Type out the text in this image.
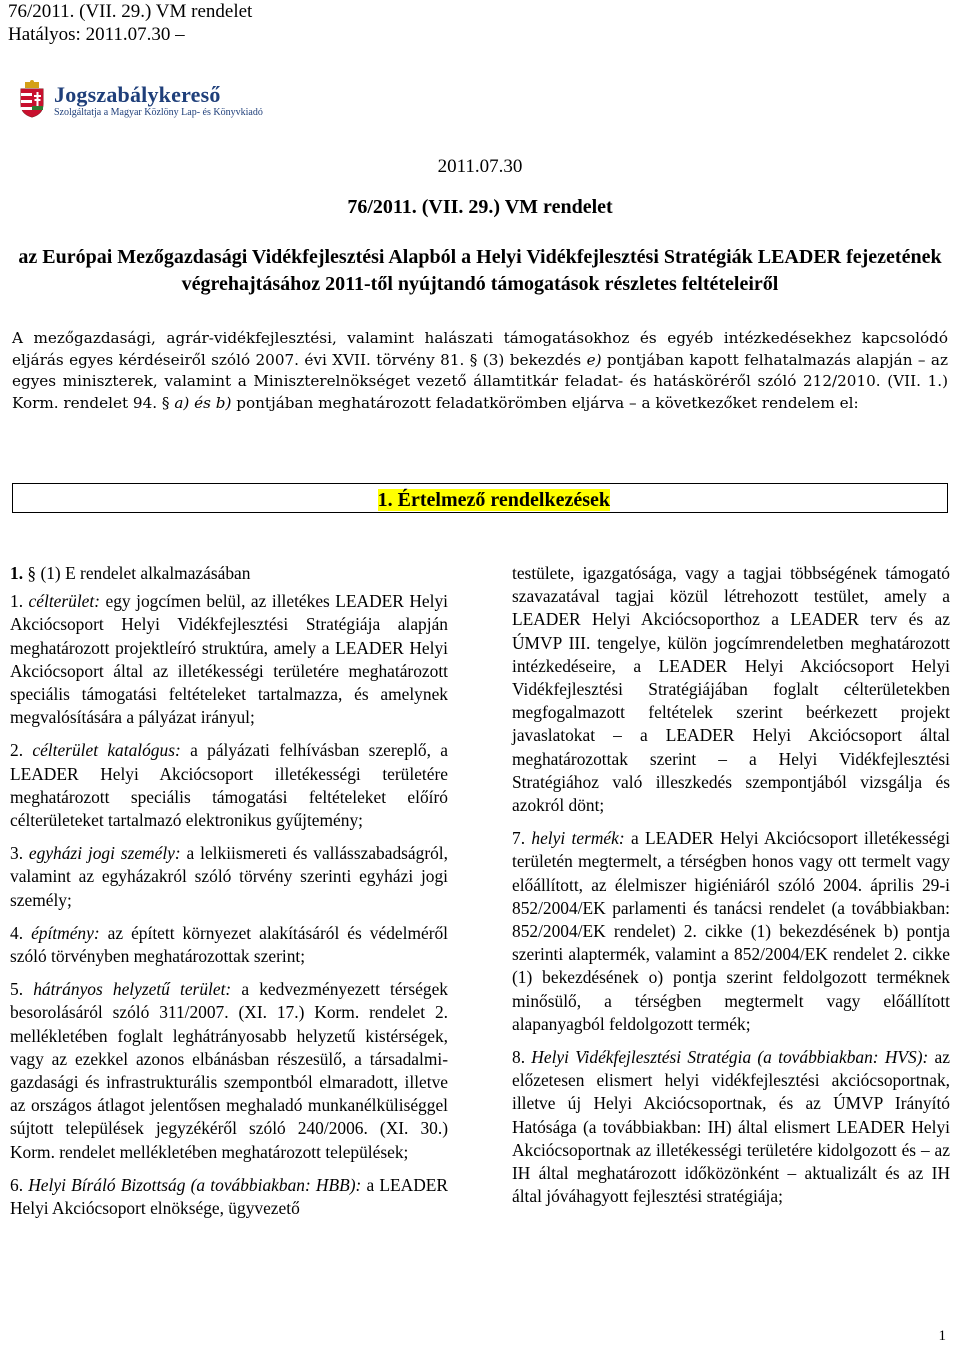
76/2011. (VII. 29.) VM rendelet
Hatályos: 2011.07.30 –
Jogszabálykereső
Szolgáltatja a Magyar Közlöny Lap- és Könyvkiadó
2011.07.30
76/2011. (VII. 29.) VM rendelet
az Európai Mezőgazdasági Vidékfejlesztési Alapból a Helyi Vidékfejlesztési Stratégiák LEADER fejezetének végrehajtásához 2011-től nyújtandó támogatások részletes feltételeiről
A mezőgazdasági, agrár-vidékfejlesztési, valamint halászati támogatásokhoz és egyéb intézkedésekhez kapcsolódó eljárás egyes kérdéseiről szóló 2007. évi XVII. törvény 81. § (3) bekezdés e) pontjában kapott felhatalmazás alapján – az egyes miniszterek, valamint a Miniszterelnökséget vezető államtitkár feladat- és hatásköréről szóló 212/2010. (VII. 1.) Korm. rendelet 94. § a) és b) pontjában meghatározott feladatkörömben eljárva – a következőket rendelem el:
1. Értelmező rendelkezések

1. § (1) E rendelet alkalmazásában

1. célterület: egy jogcímen belül, az illetékes LEADER Helyi Akciócsoport Helyi Vidékfejlesztési Stratégiája alapján meghatározott projektleíró struktúra, amely a LEADER Helyi Akciócsoport által az illetékességi területére meghatározott speciális támogatási feltételeket tartalmazza, és amelynek megvalósítására a pályázat irányul;

2. célterület katalógus: a pályázati felhívásban szereplő, a LEADER Helyi Akciócsoport illetékességi területére meghatározott speciális támogatási feltételeket előíró célterületeket tartalmazó elektronikus gyűjtemény;

3. egyházi jogi személy: a lelkiismereti és vallásszabadságról, valamint az egyházakról szóló törvény szerinti egyházi jogi személy;

4. építmény: az épített környezet alakításáról és védelméről szóló törvényben meghatározottak szerint;

5. hátrányos helyzetű terület: a kedvezményezett térségek besorolásáról szóló 311/2007. (XI. 17.) Korm. rendelet 2. mellékletében foglalt leghátrányosabb helyzetű kistérségek, vagy az ezekkel azonos elbánásban részesülő, a társadalmi-gazdasági és infrastrukturális szempontból elmaradott, illetve az országos átlagot jelentősen meghaladó munkanélküliséggel sújtott települések jegyzékéről szóló 240/2006. (XI. 30.) Korm. rendelet mellékletében meghatározott települések;

6. Helyi Bíráló Bizottság (a továbbiakban: HBB): a LEADER Helyi Akciócsoport elnöksége, ügyvezető

testülete, igazgatósága, vagy a tagjai többségének támogató szavazatával tagjai közül létrehozott testület, amely a LEADER Helyi Akciócsoporthoz a LEADER terv és az ÚMVP III. tengelye, külön jogcímrendeletben meghatározott intézkedéseire, a LEADER Helyi Akciócsoport Helyi Vidékfejlesztési Stratégiájában foglalt célterületekben megfogalmazott feltételek szerint beérkezett projekt javaslatokat – a LEADER Helyi Akciócsoport által meghatározottak szerint – a Helyi Vidékfejlesztési Stratégiához való illeszkedés szempontjából vizsgálja és azokról dönt;

7. helyi termék: a LEADER Helyi Akciócsoport illetékességi területén megtermelt, a térségben honos vagy ott termelt vagy előállított, az élelmiszer higiéniáról szóló 2004. április 29-i 852/2004/EK parlamenti és tanácsi rendelet (a továbbiakban: 852/2004/EK rendelet) 2. cikke (1) bekezdésének b) pontja szerinti alaptermék, valamint a 852/2004/EK rendelet 2. cikke (1) bekezdésének o) pontja szerint feldolgozott terméknek minősülő, a térségben megtermelt vagy előállított alapanyagból feldolgozott termék;

8. Helyi Vidékfejlesztési Stratégia (a továbbiakban: HVS): az előzetesen elismert helyi vidékfejlesztési akciócsoportnak, illetve új Helyi Akciócsoportnak, és az ÚMVP Irányító Hatósága (a továbbiakban: IH) által elismert LEADER Helyi Akciócsoportnak az illetékességi területére kidolgozott és – az IH által meghatározott időközönként – aktualizált és az IH által jóváhagyott fejlesztési stratégiája;

1
